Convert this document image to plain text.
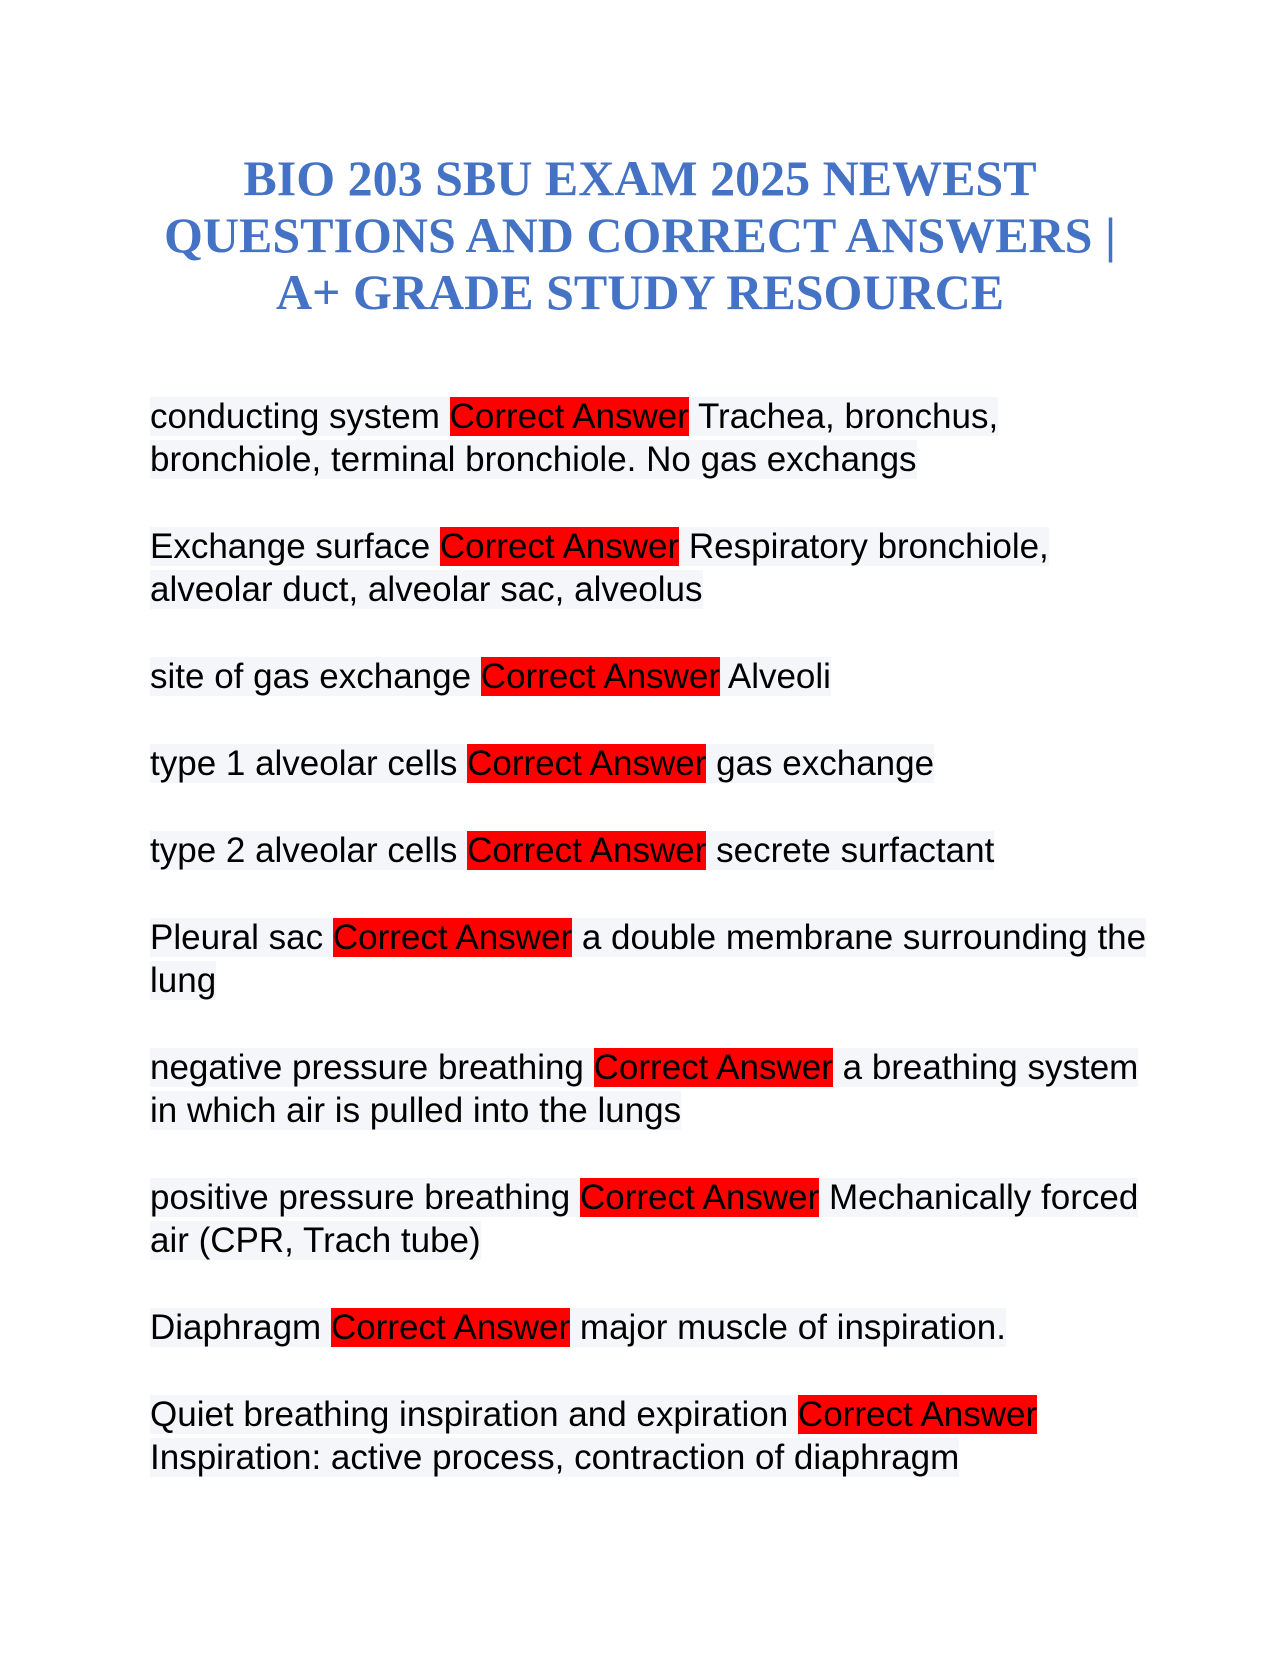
BIO 203 SBU EXAM 2025 NEWEST
QUESTIONS AND CORRECT ANSWERS |
A+ GRADE STUDY RESOURCE

conducting system Correct Answer Trachea, bronchus, bronchiole, terminal bronchiole. No gas exchangs

Exchange surface Correct Answer Respiratory bronchiole, alveolar duct, alveolar sac, alveolus

site of gas exchange Correct Answer Alveoli

type 1 alveolar cells Correct Answer gas exchange

type 2 alveolar cells Correct Answer secrete surfactant

Pleural sac Correct Answer a double membrane surrounding the lung

negative pressure breathing Correct Answer a breathing system in which air is pulled into the lungs

positive pressure breathing Correct Answer Mechanically forced air (CPR, Trach tube)

Diaphragm Correct Answer major muscle of inspiration.

Quiet breathing inspiration and expiration Correct Answer Inspiration: active process, contraction of diaphragm
